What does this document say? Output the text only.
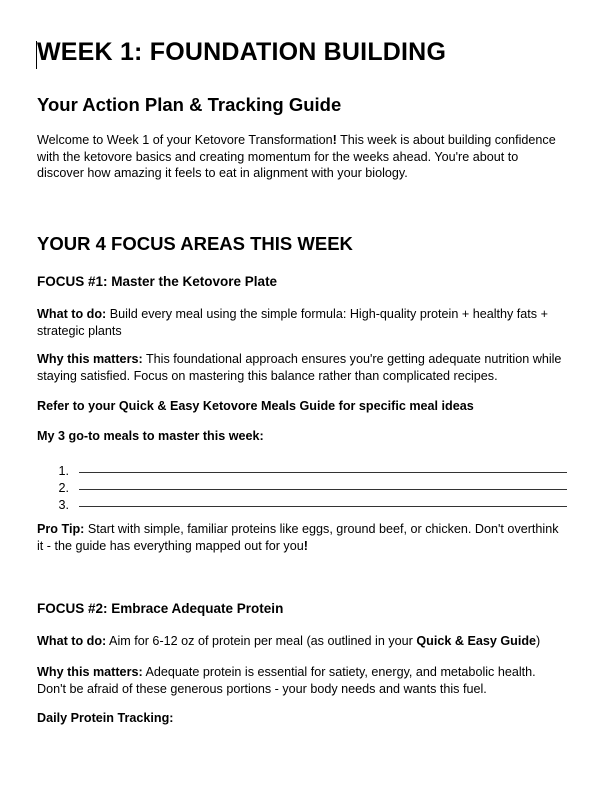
WEEK 1: FOUNDATION BUILDING
Your Action Plan & Tracking Guide

Welcome to Week 1 of your Ketovore Transformation! This week is about building confidence with the ketovore basics and creating momentum for the weeks ahead. You're about to discover how amazing it feels to eat in alignment with your biology.

YOUR 4 FOCUS AREAS THIS WEEK
FOCUS #1: Master the Ketovore Plate

What to do: Build every meal using the simple formula: High-quality protein + healthy fats + strategic plants

Why this matters: This foundational approach ensures you're getting adequate nutrition while staying satisfied. Focus on mastering this balance rather than complicated recipes.

Refer to your Quick & Easy Ketovore Meals Guide for specific meal ideas

My 3 go-to meals to master this week:

1.
2.
3.

Pro Tip: Start with simple, familiar proteins like eggs, ground beef, or chicken. Don't overthink it - the guide has everything mapped out for you!

FOCUS #2: Embrace Adequate Protein

What to do: Aim for 6-12 oz of protein per meal (as outlined in your Quick & Easy Guide)

Why this matters: Adequate protein is essential for satiety, energy, and metabolic health. Don't be afraid of these generous portions - your body needs and wants this fuel.

Daily Protein Tracking:
